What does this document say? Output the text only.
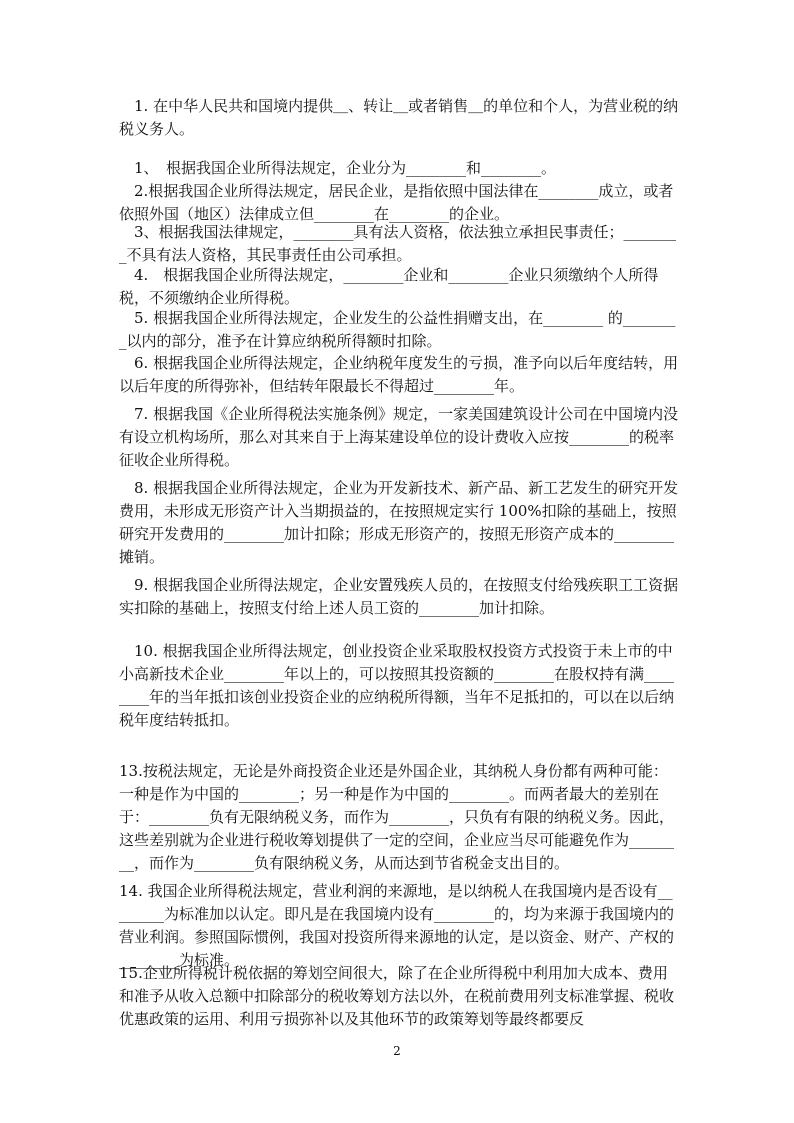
　1. 在中华人民共和国境内提供＿、转让＿或者销售＿的单位和个人，为营业税的纳税义务人。

　1、　根据我国企业所得法规定，企业分为________和________。

　2.根据我国企业所得法规定，居民企业，是指依照中国法律在________成立，或者依照外国（地区）法律成立但________在________的企业。

　3、根据我国法律规定，________具有法人资格，依法独立承担民事责任；________不具有法人资格，其民事责任由公司承担。

　4.　根据我国企业所得法规定，________企业和________企业只须缴纳个人所得税，不须缴纳企业所得税。

　5. 根据我国企业所得法规定，企业发生的公益性捐赠支出，在________ 的________以内的部分，准予在计算应纳税所得额时扣除。

　6. 根据我国企业所得法规定，企业纳税年度发生的亏损，准予向以后年度结转，用以后年度的所得弥补，但结转年限最长不得超过________年。

　7. 根据我国《企业所得税法实施条例》规定，一家美国建筑设计公司在中国境内没有设立机构场所，那么对其来自于上海某建设单位的设计费收入应按________的税率征收企业所得税。

　8. 根据我国企业所得法规定，企业为开发新技术、新产品、新工艺发生的研究开发费用，未形成无形资产计入当期损益的，在按照规定实行 100%扣除的基础上，按照研究开发费用的________加计扣除；形成无形资产的，按照无形资产成本的________摊销。

　9. 根据我国企业所得法规定，企业安置残疾人员的，在按照支付给残疾职工工资据实扣除的基础上，按照支付给上述人员工资的________加计扣除。

　10. 根据我国企业所得法规定，创业投资企业采取股权投资方式投资于未上市的中小高新技术企业________年以上的，可以按照其投资额的________在股权持有满________年的当年抵扣该创业投资企业的应纳税所得额，当年不足抵扣的，可以在以后纳税年度结转抵扣。

13.按税法规定，无论是外商投资企业还是外国企业，其纳税人身份都有两种可能：一种是作为中国的________；另一种是作为中国的________。而两者最大的差别在于：________负有无限纳税义务，而作为________，只负有有限的纳税义务。因此，这些差别就为企业进行税收筹划提供了一定的空间，企业应当尽可能避免作为________，而作为________负有限纳税义务，从而达到节省税金支出目的。

14. 我国企业所得税法规定，营业利润的来源地，是以纳税人在我国境内是否设有________为标准加以认定。即凡是在我国境内设有________的，均为来源于我国境内的营业利润。参照国际惯例，我国对投资所得来源地的认定，是以资金、财产、产权的________为标准。

15.企业所得税计税依据的筹划空间很大，除了在企业所得税中利用加大成本、费用和准予从收入总额中扣除部分的税收筹划方法以外，在税前费用列支标准掌握、税收优惠政策的运用、利用亏损弥补以及其他环节的政策筹划等最终都要反

2
